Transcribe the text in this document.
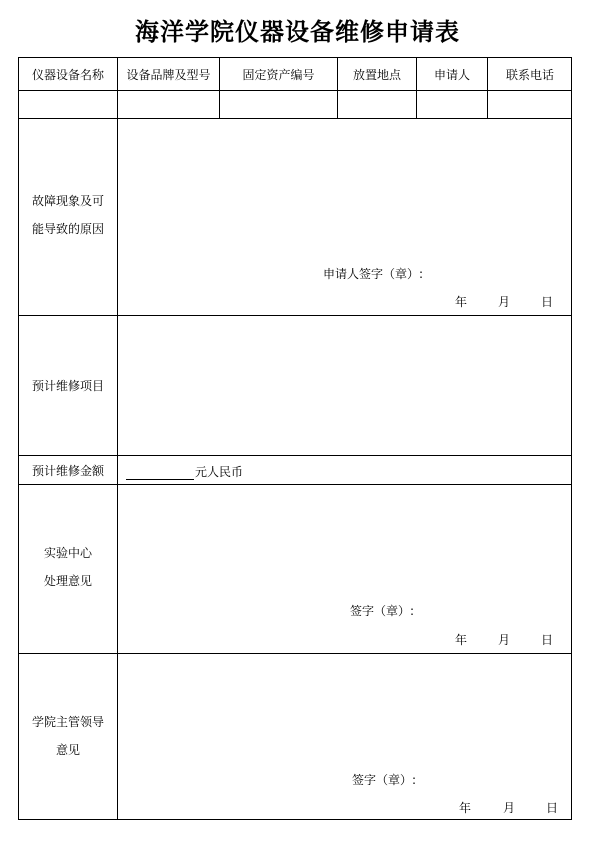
海洋学院仪器设备维修申请表
仪器设备名称	设备品牌及型号	固定资产编号	放置地点	申请人	联系电话
故障现象及可
能导致的原因
申请人签字（章）:
年	月	日
预计维修项目
预计维修金额	元人民币
实验中心
处理意见
签字（章）:
年	月	日
学院主管领导
意见
签字（章）:
年	月	日
